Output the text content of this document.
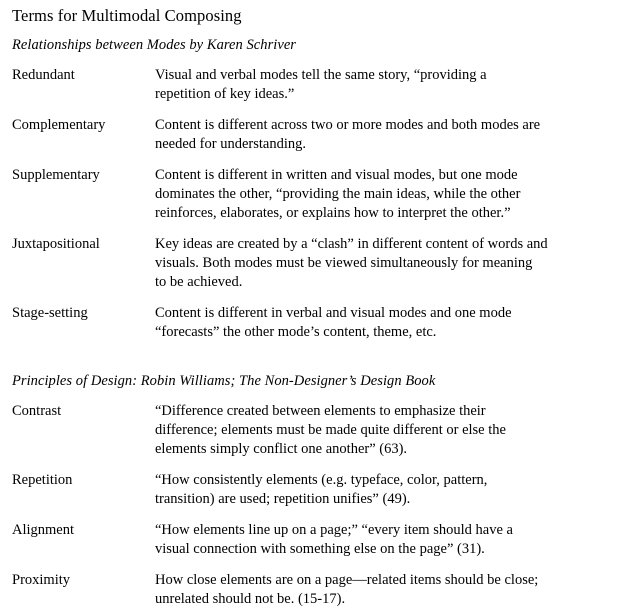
Terms for Multimodal Composing
Relationships between Modes by Karen Schriver
Redundant	Visual and verbal modes tell the same story, “providing a
repetition of key ideas.”
Complementary	Content is different across two or more modes and both modes are
needed for understanding.
Supplementary	Content is different in written and visual modes, but one mode
dominates the other, “providing the main ideas, while the other
reinforces, elaborates, or explains how to interpret the other.”
Juxtapositional	Key ideas are created by a “clash” in different content of words and
visuals. Both modes must be viewed simultaneously for meaning
to be achieved.
Stage-setting	Content is different in verbal and visual modes and one mode
“forecasts” the other mode’s content, theme, etc.
Principles of Design: Robin Williams; The Non-Designer’s Design Book
Contrast	“Difference created between elements to emphasize their
difference; elements must be made quite different or else the
elements simply conflict one another” (63).
Repetition	“How consistently elements (e.g. typeface, color, pattern,
transition) are used; repetition unifies” (49).
Alignment	“How elements line up on a page;” “every item should have a
visual connection with something else on the page” (31).
Proximity	How close elements are on a page—related items should be close;
unrelated should not be. (15-17).
